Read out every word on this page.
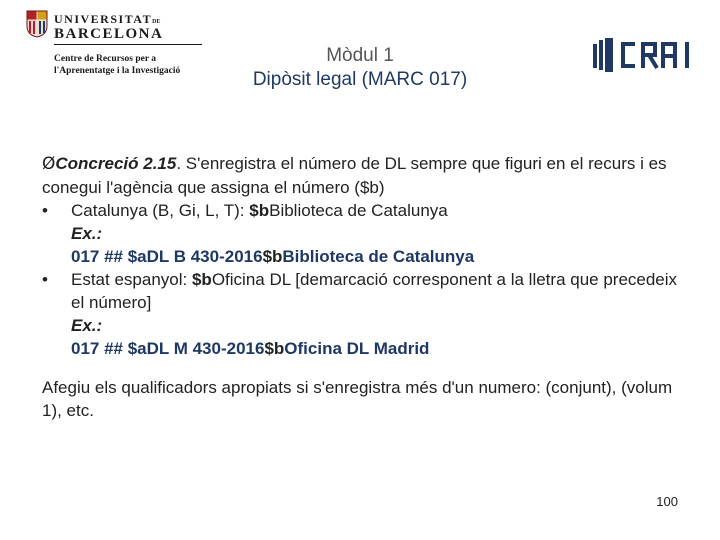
UNIVERSITATDE
BARCELONA
Centre de Recursos per a
l'Aprenentatge i la Investigació
Mòdul 1
Dipòsit legal (MARC 017)

ØConcreció 2.15. S'enregistra el número de DL sempre que figuri en el recurs i es conegui l'agència que assigna el número ($b)

• Catalunya (B, Gi, L, T): $bBiblioteca de Catalunya
Ex.:
017 ## $aDL B 430-2016$bBiblioteca de Catalunya
• Estat espanyol: $bOficina DL [demarcació corresponent a la lletra que precedeix el número]
Ex.:
017 ## $aDL M 430-2016$bOficina DL Madrid

Afegiu els qualificadors apropiats si s'enregistra més d'un numero: (conjunt), (volum 1), etc.

100
